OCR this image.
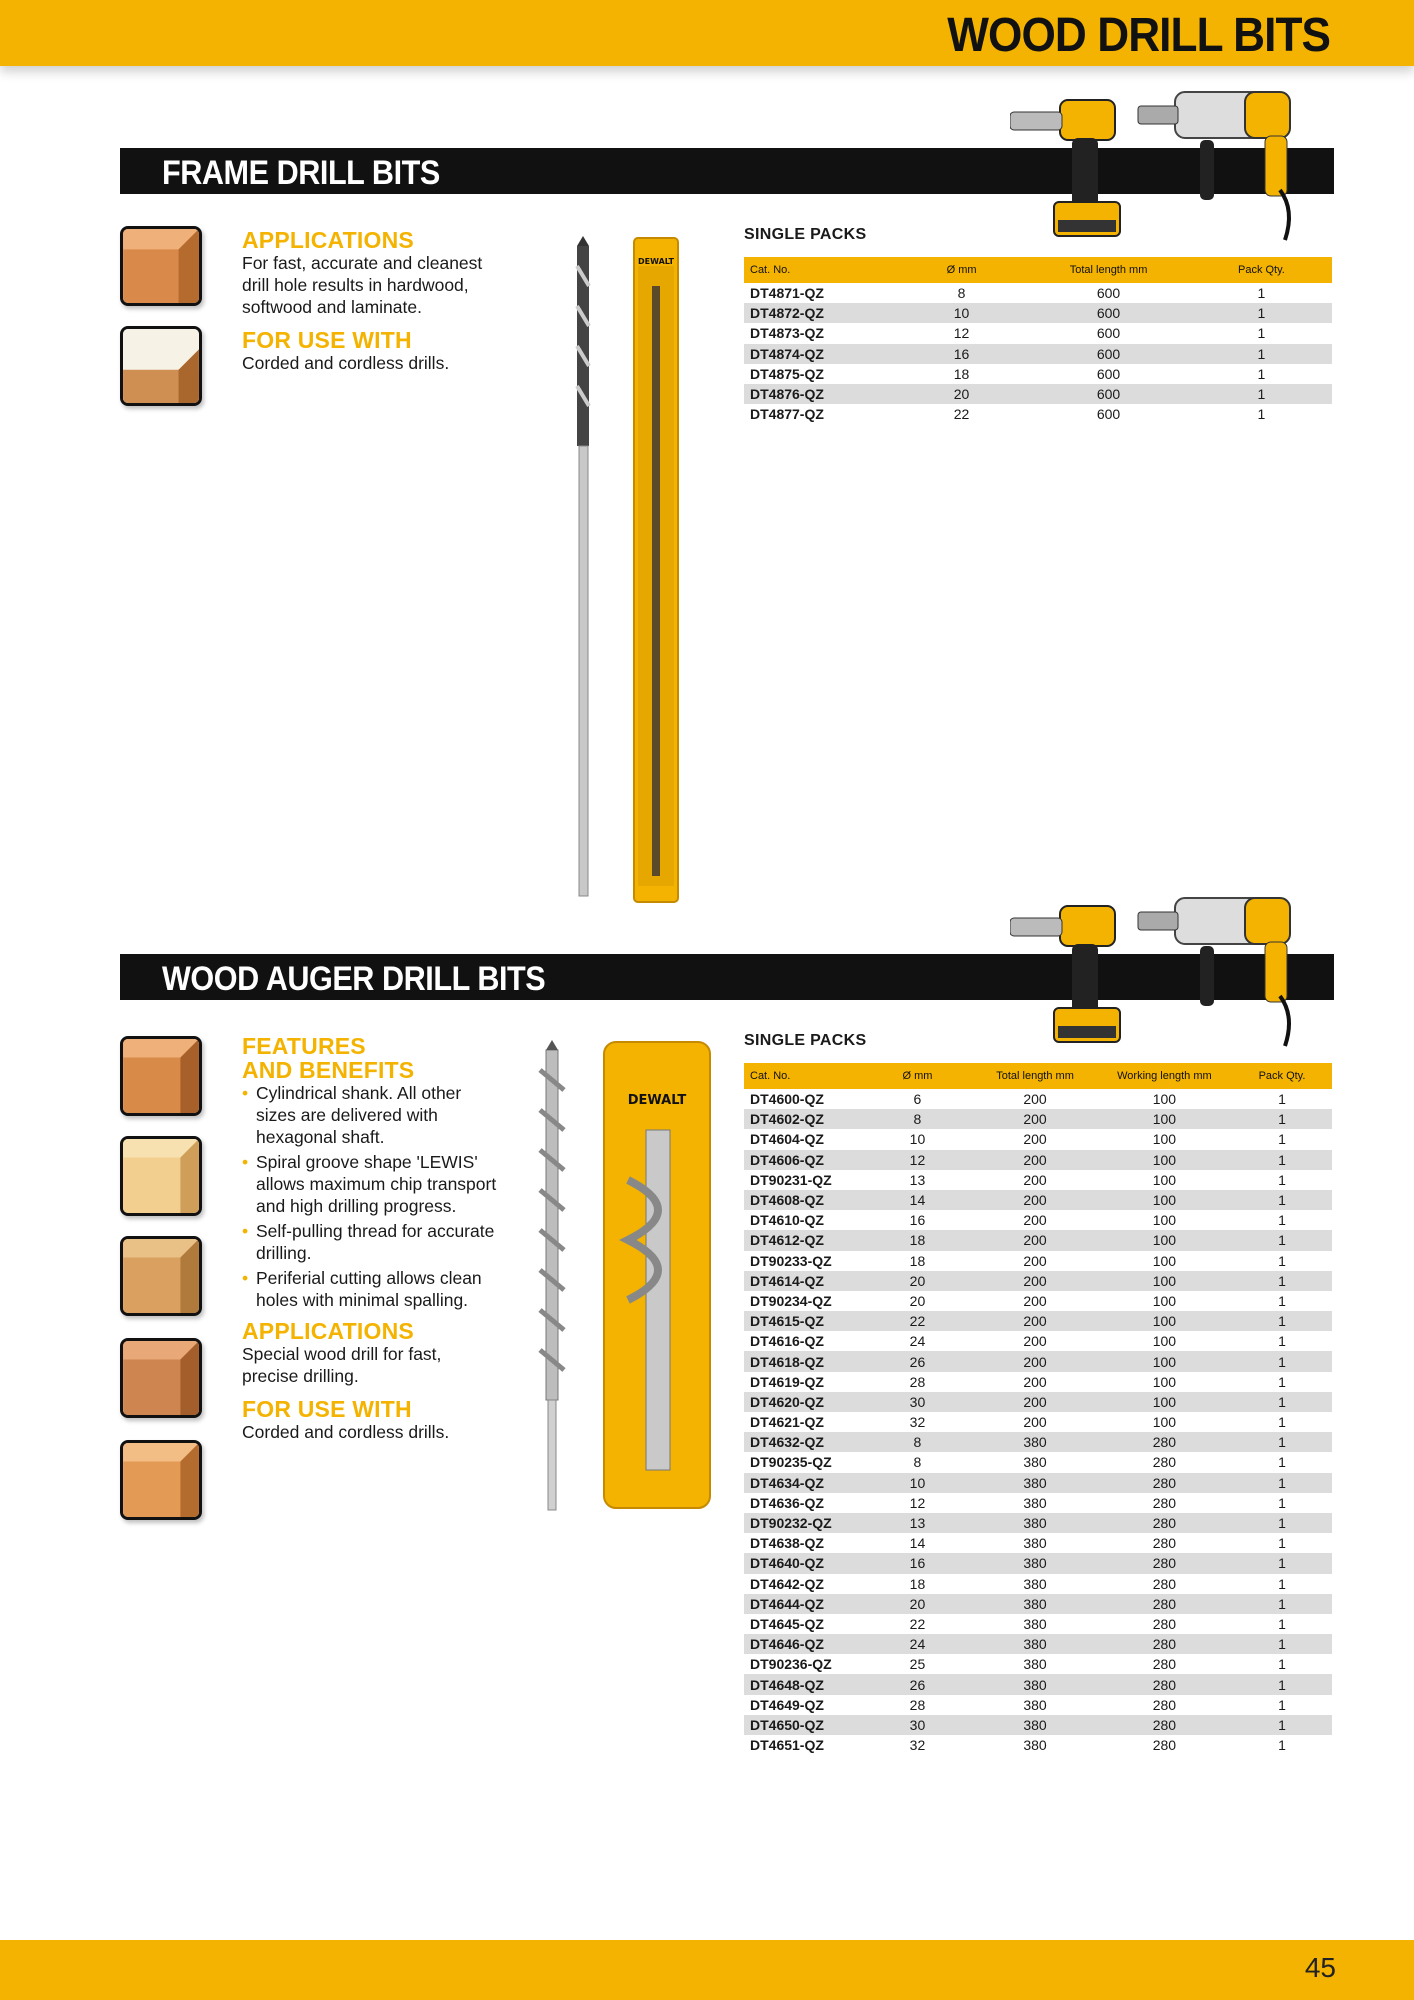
WOOD DRILL BITS
FRAME DRILL BITS
APPLICATIONS
For fast, accurate and cleanest drill hole results in hardwood, softwood and laminate.
FOR USE WITH
Corded and cordless drills.
DEWALT
SINGLE PACKS
Cat. No.	Ø mm	Total length mm	Pack Qty.
DT4871-QZ	8	600	1
DT4872-QZ	10	600	1
DT4873-QZ	12	600	1
DT4874-QZ	16	600	1
DT4875-QZ	18	600	1
DT4876-QZ	20	600	1
DT4877-QZ	22	600	1
WOOD AUGER DRILL BITS
FEATURES
AND BENEFITS
• Cylindrical shank. All other sizes are delivered with hexagonal shaft.
• Spiral groove shape 'LEWIS' allows maximum chip transport and high drilling progress.
• Self-pulling thread for accurate drilling.
• Periferial cutting allows clean holes with minimal spalling.
APPLICATIONS
Special wood drill for fast, precise drilling.
FOR USE WITH
Corded and cordless drills.
DEWALT
SINGLE PACKS
Cat. No.	Ø mm	Total length mm	Working length mm	Pack Qty.
DT4600-QZ	6	200	100	1
DT4602-QZ	8	200	100	1
DT4604-QZ	10	200	100	1
DT4606-QZ	12	200	100	1
DT90231-QZ	13	200	100	1
DT4608-QZ	14	200	100	1
DT4610-QZ	16	200	100	1
DT4612-QZ	18	200	100	1
DT90233-QZ	18	200	100	1
DT4614-QZ	20	200	100	1
DT90234-QZ	20	200	100	1
DT4615-QZ	22	200	100	1
DT4616-QZ	24	200	100	1
DT4618-QZ	26	200	100	1
DT4619-QZ	28	200	100	1
DT4620-QZ	30	200	100	1
DT4621-QZ	32	200	100	1
DT4632-QZ	8	380	280	1
DT90235-QZ	8	380	280	1
DT4634-QZ	10	380	280	1
DT4636-QZ	12	380	280	1
DT90232-QZ	13	380	280	1
DT4638-QZ	14	380	280	1
DT4640-QZ	16	380	280	1
DT4642-QZ	18	380	280	1
DT4644-QZ	20	380	280	1
DT4645-QZ	22	380	280	1
DT4646-QZ	24	380	280	1
DT90236-QZ	25	380	280	1
DT4648-QZ	26	380	280	1
DT4649-QZ	28	380	280	1
DT4650-QZ	30	380	280	1
DT4651-QZ	32	380	280	1
45
